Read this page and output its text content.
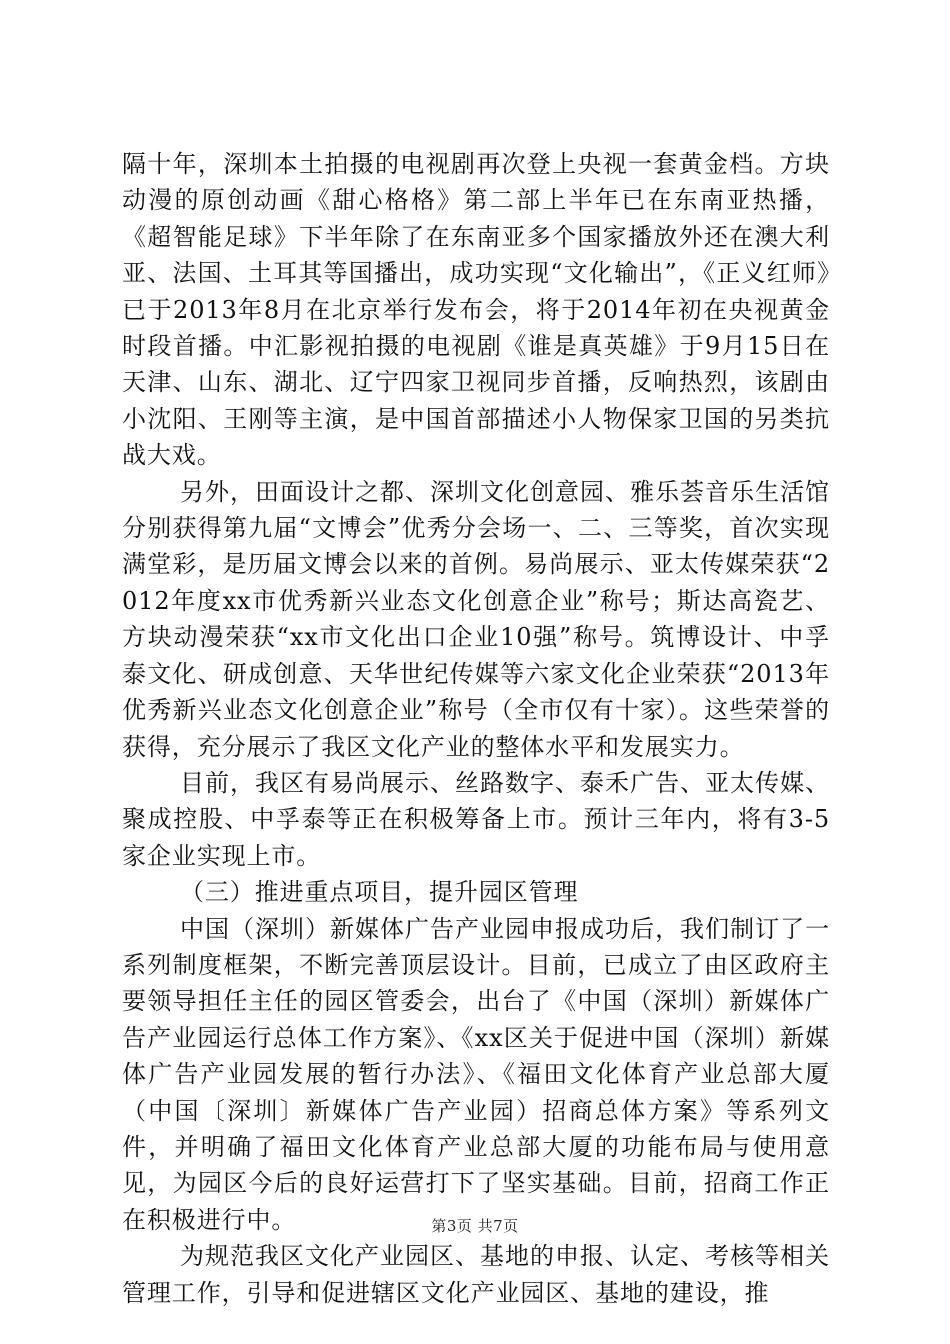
隔十年，深圳本土拍摄的电视剧再次登上央视一套黄金档。方块动漫的原创动画《甜心格格》第二部上半年已在东南亚热播，《超智能足球》下半年除了在东南亚多个国家播放外还在澳大利亚、法国、土耳其等国播出，成功实现“文化输出”，《正义红师》已于2013年8月在北京举行发布会，将于2014年初在央视黄金时段首播。中汇影视拍摄的电视剧《谁是真英雄》于9月15日在天津、山东、湖北、辽宁四家卫视同步首播，反响热烈，该剧由小沈阳、王刚等主演，是中国首部描述小人物保家卫国的另类抗战大戏。

另外，田面设计之都、深圳文化创意园、雅乐荟音乐生活馆分别获得第九届“文博会”优秀分会场一、二、三等奖，首次实现满堂彩，是历届文博会以来的首例。易尚展示、亚太传媒荣获“2012年度xx市优秀新兴业态文化创意企业”称号；斯达高瓷艺、方块动漫荣获“xx市文化出口企业10强”称号。筑博设计、中孚泰文化、研成创意、天华世纪传媒等六家文化企业荣获“2013年优秀新兴业态文化创意企业”称号（全市仅有十家）。这些荣誉的获得，充分展示了我区文化产业的整体水平和发展实力。

目前，我区有易尚展示、丝路数字、泰禾广告、亚太传媒、聚成控股、中孚泰等正在积极筹备上市。预计三年内，将有3-5家企业实现上市。

（三）推进重点项目，提升园区管理

中国（深圳）新媒体广告产业园申报成功后，我们制订了一系列制度框架，不断完善顶层设计。目前，已成立了由区政府主要领导担任主任的园区管委会，出台了《中国（深圳）新媒体广告产业园运行总体工作方案》、《xx区关于促进中国（深圳）新媒体广告产业园发展的暂行办法》、《福田文化体育产业总部大厦（中国〔深圳〕新媒体广告产业园）招商总体方案》等系列文件，并明确了福田文化体育产业总部大厦的功能布局与使用意见，为园区今后的良好运营打下了坚实基础。目前，招商工作正在积极进行中。

为规范我区文化产业园区、基地的申报、认定、考核等相关管理工作，引导和促进辖区文化产业园区、基地的建设，推

第3页 共7页
